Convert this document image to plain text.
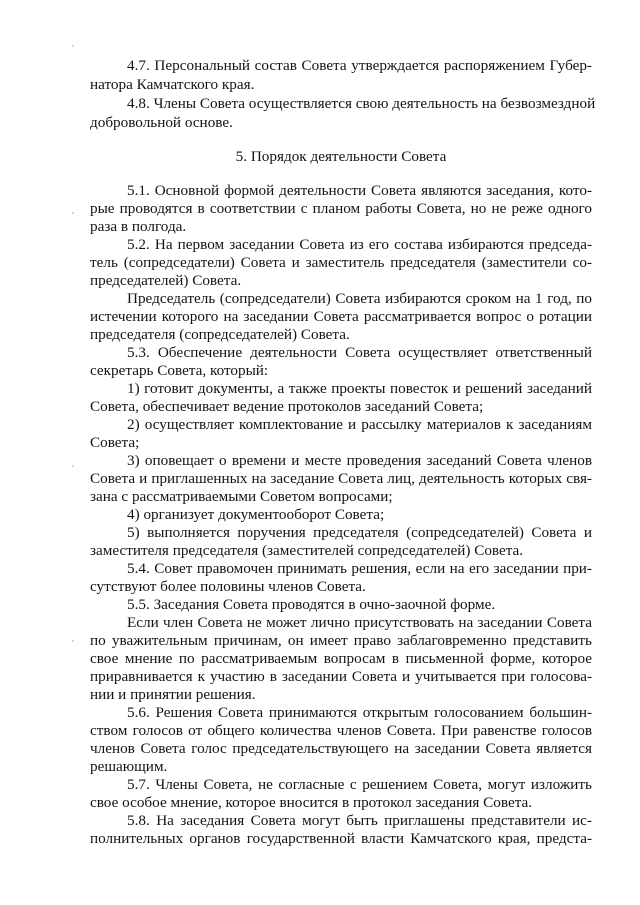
4.7. Персональный состав Совета утверждается распоряжением Губер-
натора Камчатского края.
4.8. Члены Совета осуществляется свою деятельность на безвозмездной
добровольной основе.
5. Порядок деятельности Совета
5.1. Основной формой деятельности Совета являются заседания, кото-
рые проводятся в соответствии с планом работы Совета, но не реже одного
раза в полгода.
5.2. На первом заседании Совета из его состава избираются председа-
тель (сопредседатели) Совета и заместитель председателя (заместители со-
председателей) Совета.
Председатель (сопредседатели) Совета избираются сроком на 1 год, по
истечении которого на заседании Совета рассматривается вопрос о ротации
председателя (сопредседателей) Совета.
5.3. Обеспечение деятельности Совета осуществляет ответственный
секретарь Совета, который:
1) готовит документы, а также проекты повесток и решений заседаний
Совета, обеспечивает ведение протоколов заседаний Совета;
2) осуществляет комплектование и рассылку материалов к заседаниям
Совета;
3) оповещает о времени и месте проведения заседаний Совета членов
Совета и приглашенных на заседание Совета лиц, деятельность которых свя-
зана с рассматриваемыми Советом вопросами;
4) организует документооборот Совета;
5) выполняется поручения председателя (сопредседателей) Совета и
заместителя председателя (заместителей сопредседателей) Совета.
5.4. Совет правомочен принимать решения, если на его заседании при-
сутствуют более половины членов Совета.
5.5. Заседания Совета проводятся в очно-заочной форме.
Если член Совета не может лично присутствовать на заседании Совета
по уважительным причинам, он имеет право заблаговременно представить
свое мнение по рассматриваемым вопросам в письменной форме, которое
приравнивается к участию в заседании Совета и учитывается при голосова-
нии и принятии решения.
5.6. Решения Совета принимаются открытым голосованием большин-
ством голосов от общего количества членов Совета. При равенстве голосов
членов Совета голос председательствующего на заседании Совета является
решающим.
5.7. Члены Совета, не согласные с решением Совета, могут изложить
свое особое мнение, которое вносится в протокол заседания Совета.
5.8. На заседания Совета могут быть приглашены представители ис-
полнительных органов государственной власти Камчатского края, предста-
